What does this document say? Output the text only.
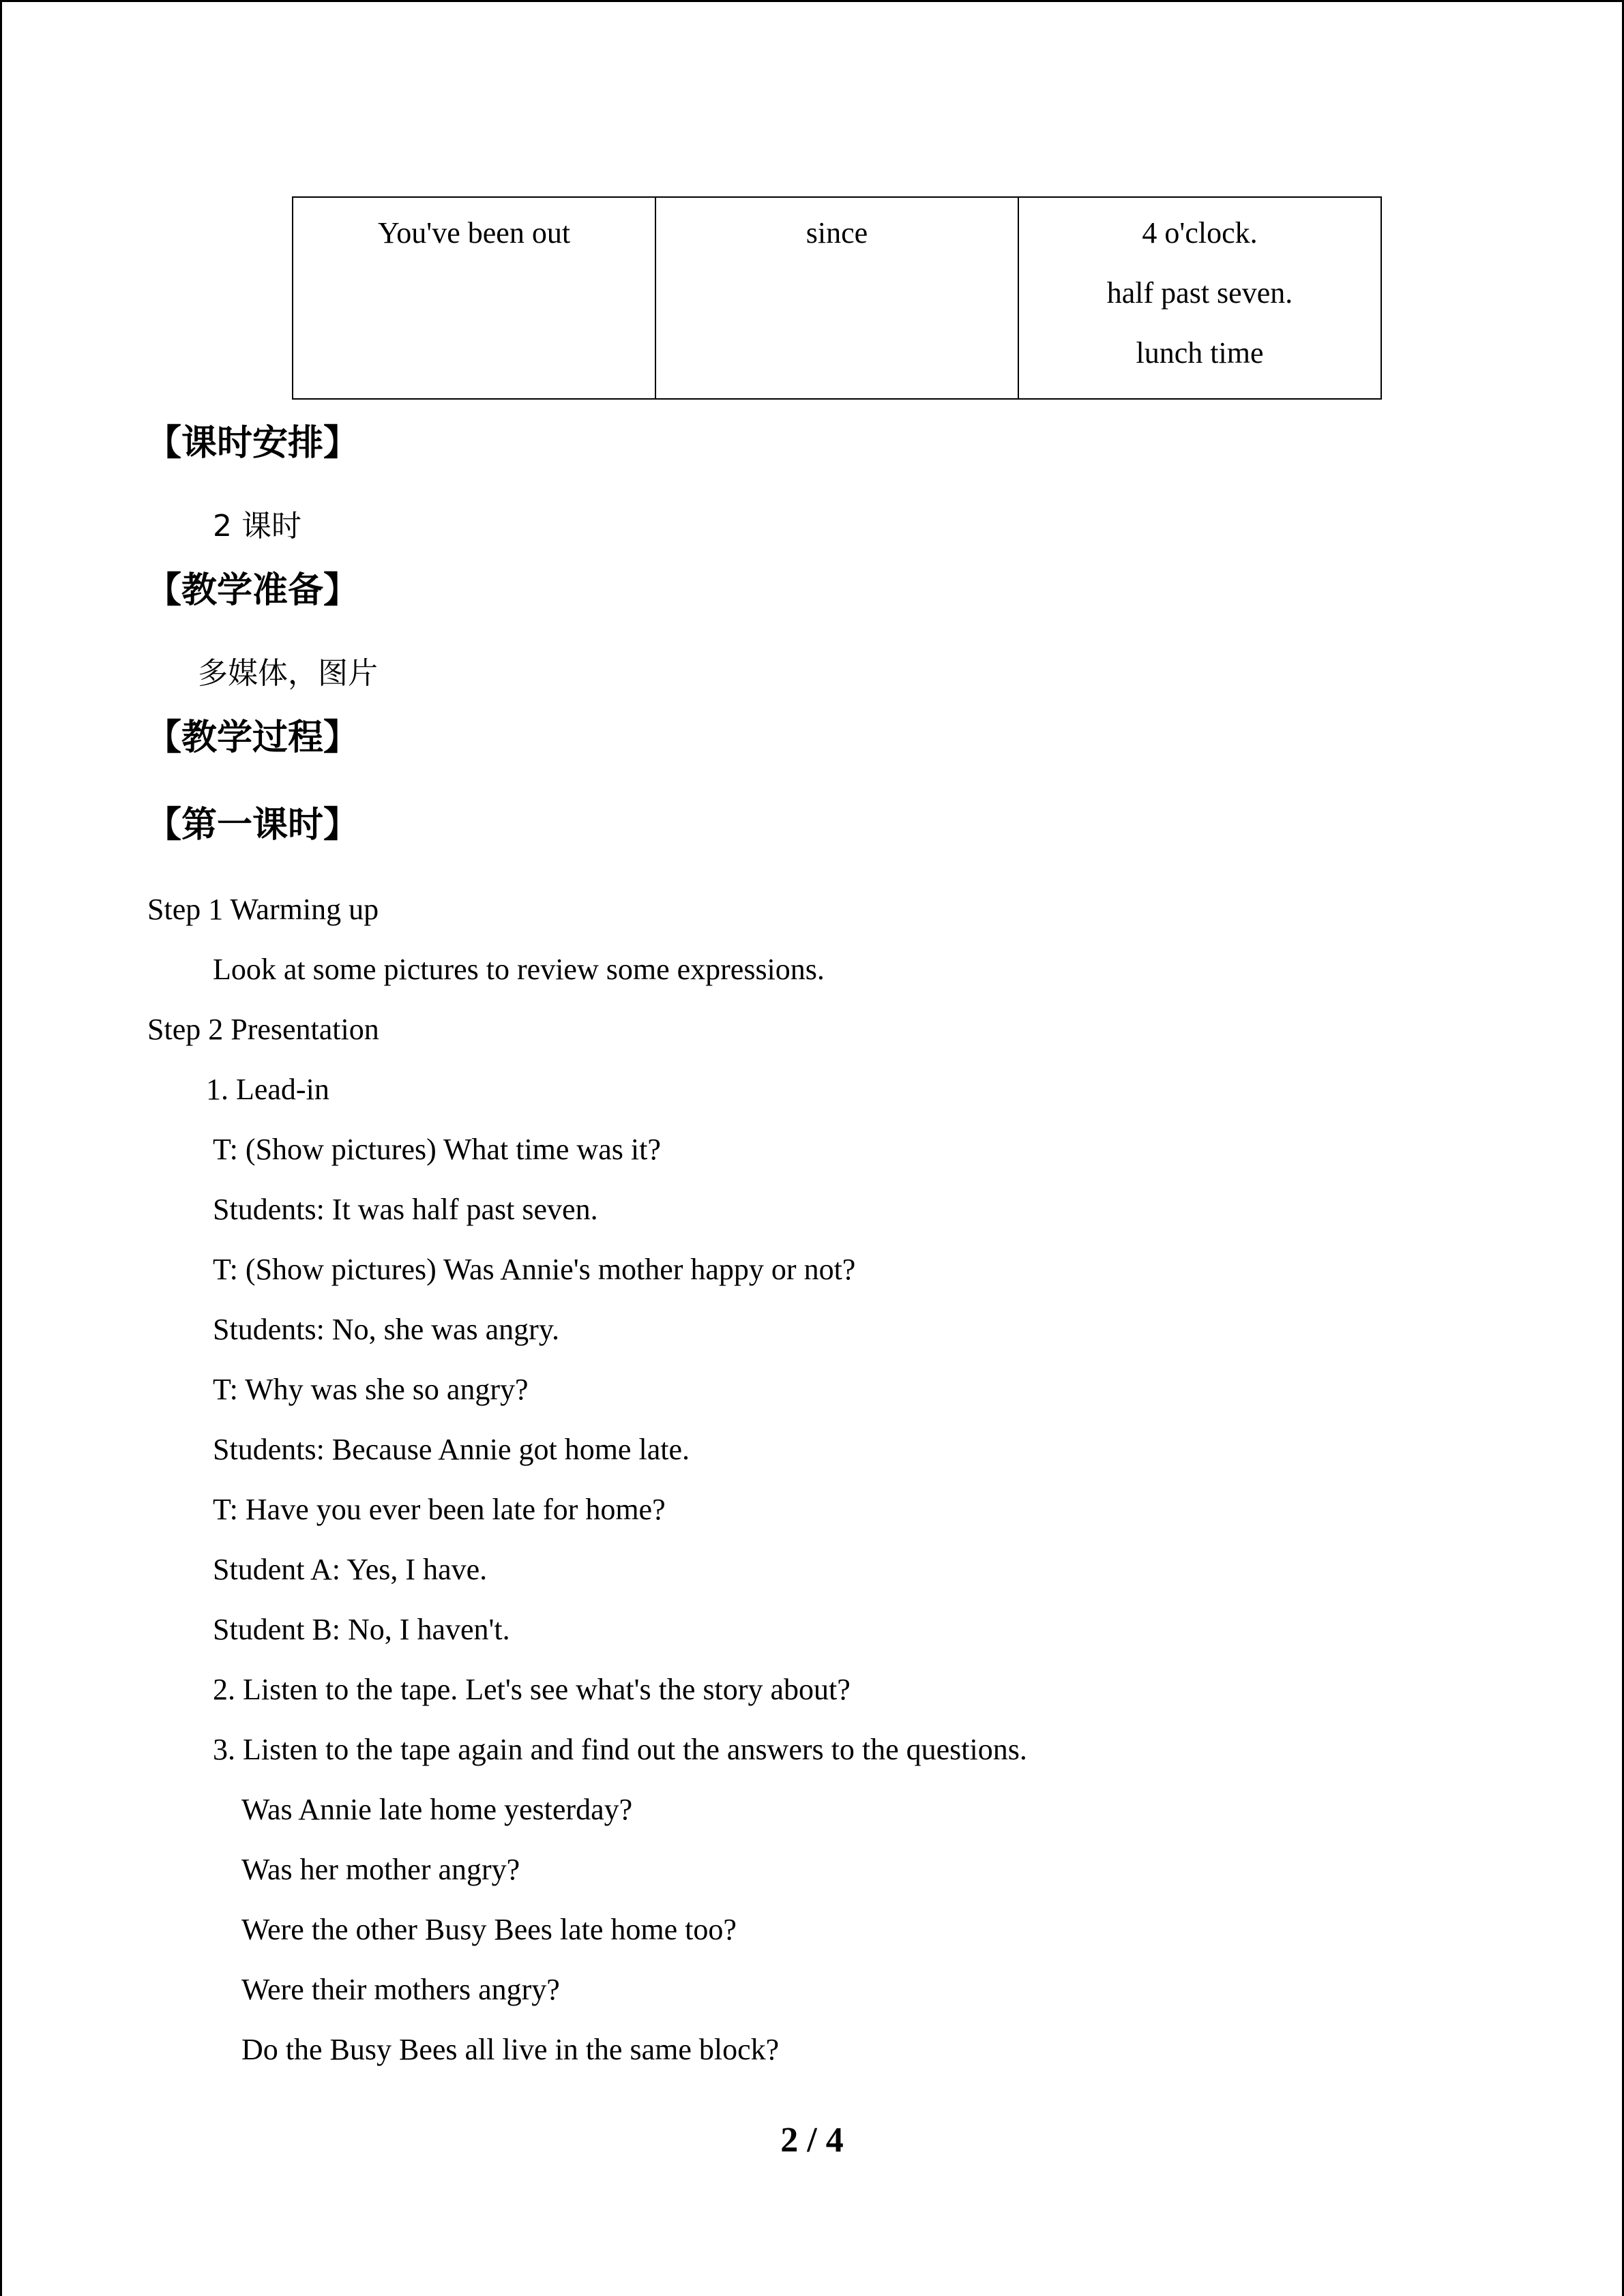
You've been out	since	4 o'clock.
half past seven.
lunch time
【课时安排】
2 课时
【教学准备】
多媒体，图片
【教学过程】
【第一课时】
Step 1 Warming up
Look at some pictures to review some expressions.
Step 2 Presentation
1. Lead-in
T: (Show pictures) What time was it?
Students: It was half past seven.
T: (Show pictures) Was Annie's mother happy or not?
Students: No, she was angry.
T: Why was she so angry?
Students: Because Annie got home late.
T: Have you ever been late for home?
Student A: Yes, I have.
Student B: No, I haven't.
2. Listen to the tape. Let's see what's the story about?
3. Listen to the tape again and find out the answers to the questions.
Was Annie late home yesterday?
Was her mother angry?
Were the other Busy Bees late home too?
Were their mothers angry?
Do the Busy Bees all live in the same block?
2 / 4
